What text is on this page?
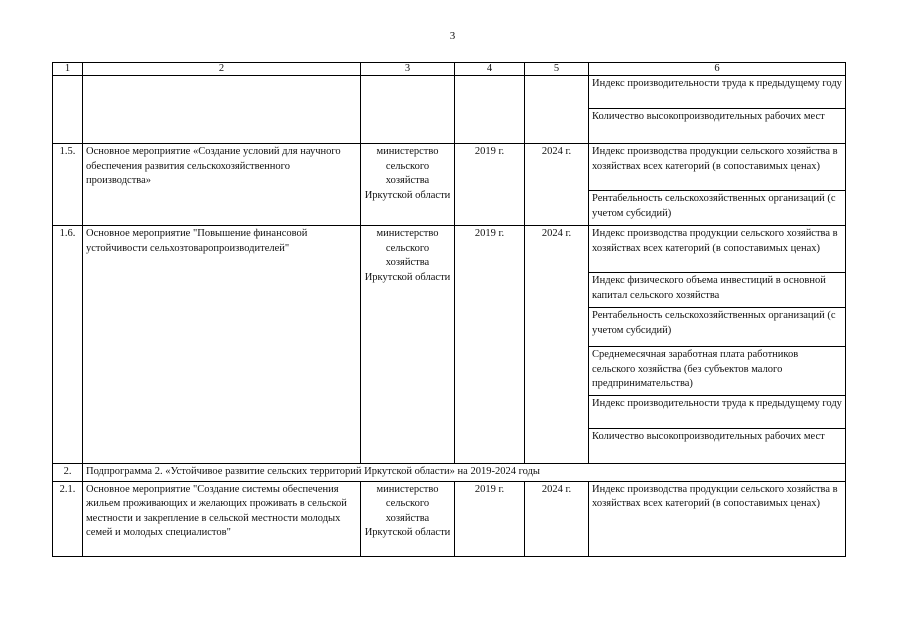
3
1	2	3	4	5	6
					Индекс производительности труда к предыдущему году
					Количество высокопроизводительных рабочих мест
1.5.	Основное мероприятие «Создание условий для научного обеспечения развития сельскохозяйственного производства»	министерство сельского хозяйства Иркутской области	2019 г.	2024 г.	Индекс производства продукции сельского хозяйства в хозяйствах всех категорий (в сопоставимых ценах)
					Рентабельность сельскохозяйственных организаций (с учетом субсидий)
1.6.	Основное мероприятие "Повышение финансовой устойчивости сельхозтоваропроизводителей"	министерство сельского хозяйства Иркутской области	2019 г.	2024 г.	Индекс производства продукции сельского хозяйства в хозяйствах всех категорий (в сопоставимых ценах)
					Индекс физического объема инвестиций в основной капитал сельского хозяйства
					Рентабельность сельскохозяйственных организаций (с учетом субсидий)
					Среднемесячная заработная плата работников сельского хозяйства (без субъектов малого предпринимательства)
					Индекс производительности труда к предыдущему году
					Количество высокопроизводительных рабочих мест
2.	Подпрограмма 2. «Устойчивое развитие сельских территорий Иркутской области» на 2019-2024 годы				
2.1.	Основное мероприятие "Создание системы обеспечения жильем проживающих и желающих проживать в сельской местности и закрепление в сельской местности молодых семей и молодых специалистов"	министерство сельского хозяйства Иркутской области	2019 г.	2024 г.	Индекс производства продукции сельского хозяйства в хозяйствах всех категорий (в сопоставимых ценах)
